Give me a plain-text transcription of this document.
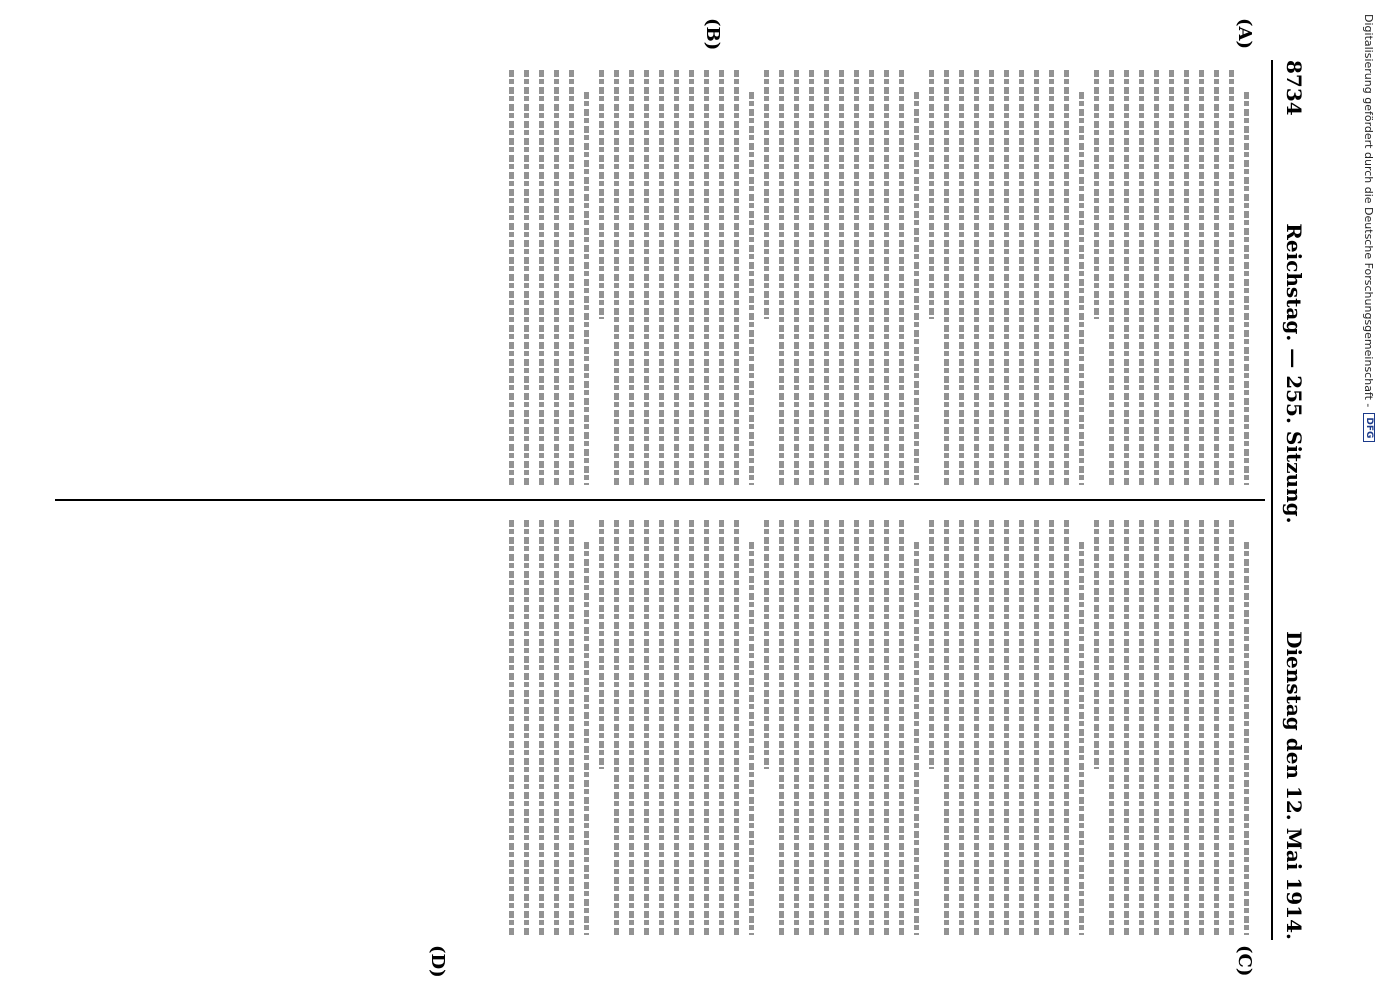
8734
Reichstag. — 255. Sitzung.
Dienstag den 12. Mai 1914.
(A)
(B)
(C)
(D)
Digitalisierung gefördert durch die Deutsche Forschungsgemeinschaft -
DFG
